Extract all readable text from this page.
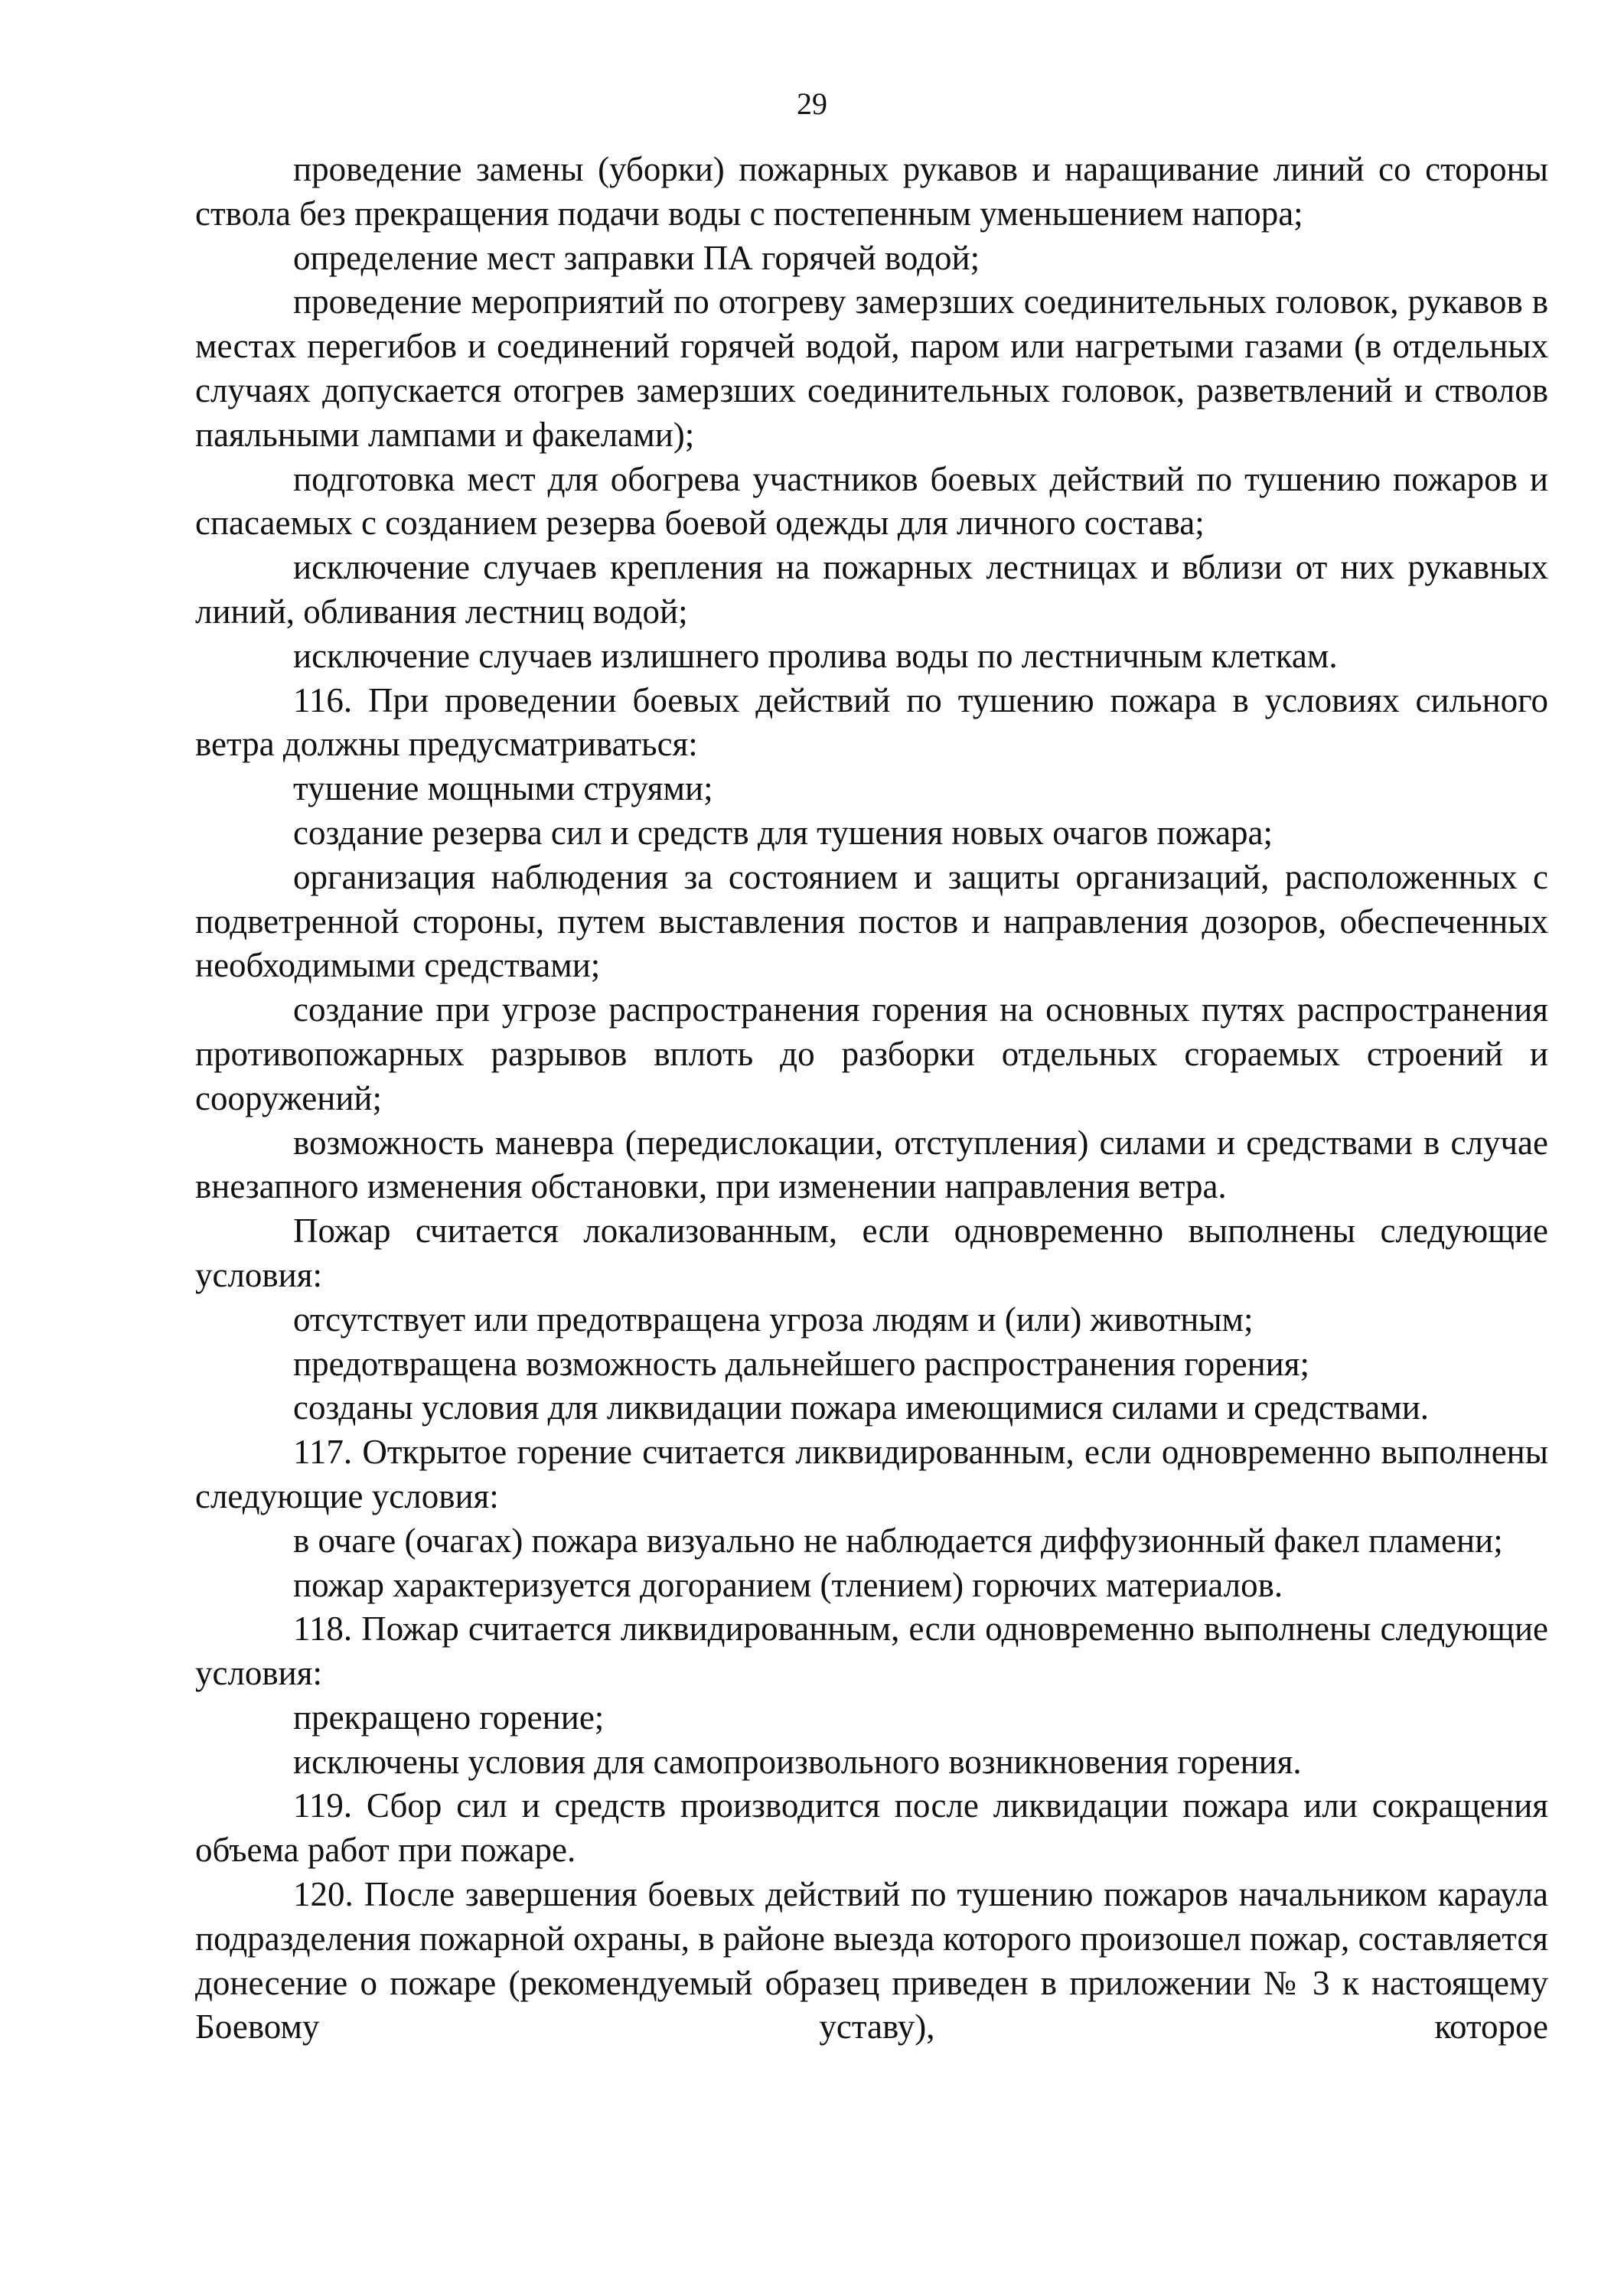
29

проведение замены (уборки) пожарных рукавов и наращивание линий со стороны ствола без прекращения подачи воды с постепенным уменьшением напора;

определение мест заправки ПА горячей водой;

проведение мероприятий по отогреву замерзших соединительных головок, рукавов в местах перегибов и соединений горячей водой, паром или нагретыми газами (в отдельных случаях допускается отогрев замерзших соединительных головок, разветвлений и стволов паяльными лампами и факелами);

подготовка мест для обогрева участников боевых действий по тушению пожаров и спасаемых с созданием резерва боевой одежды для личного состава;

исключение случаев крепления на пожарных лестницах и вблизи от них рукавных линий, обливания лестниц водой;

исключение случаев излишнего пролива воды по лестничным клеткам.

116. При проведении боевых действий по тушению пожара в условиях сильного ветра должны предусматриваться:

тушение мощными струями;

создание резерва сил и средств для тушения новых очагов пожара;

организация наблюдения за состоянием и защиты организаций, расположенных с подветренной стороны, путем выставления постов и направления дозоров, обеспеченных необходимыми средствами;

создание при угрозе распространения горения на основных путях распространения противопожарных разрывов вплоть до разборки отдельных сгораемых строений и сооружений;

возможность маневра (передислокации, отступления) силами и средствами в случае внезапного изменения обстановки, при изменении направления ветра.

Пожар считается локализованным, если одновременно выполнены следующие условия:

отсутствует или предотвращена угроза людям и (или) животным;

предотвращена возможность дальнейшего распространения горения;

созданы условия для ликвидации пожара имеющимися силами и средствами.

117. Открытое горение считается ликвидированным, если одновременно выполнены следующие условия:

в очаге (очагах) пожара визуально не наблюдается диффузионный факел пламени;

пожар характеризуется догоранием (тлением) горючих материалов.

118. Пожар считается ликвидированным, если одновременно выполнены следующие условия:

прекращено горение;

исключены условия для самопроизвольного возникновения горения.

119. Сбор сил и средств производится после ликвидации пожара или сокращения объема работ при пожаре.

120. После завершения боевых действий по тушению пожаров начальником караула подразделения пожарной охраны, в районе выезда которого произошел пожар, составляется донесение о пожаре (рекомендуемый образец приведен в приложении № 3 к настоящему Боевому уставу), которое
